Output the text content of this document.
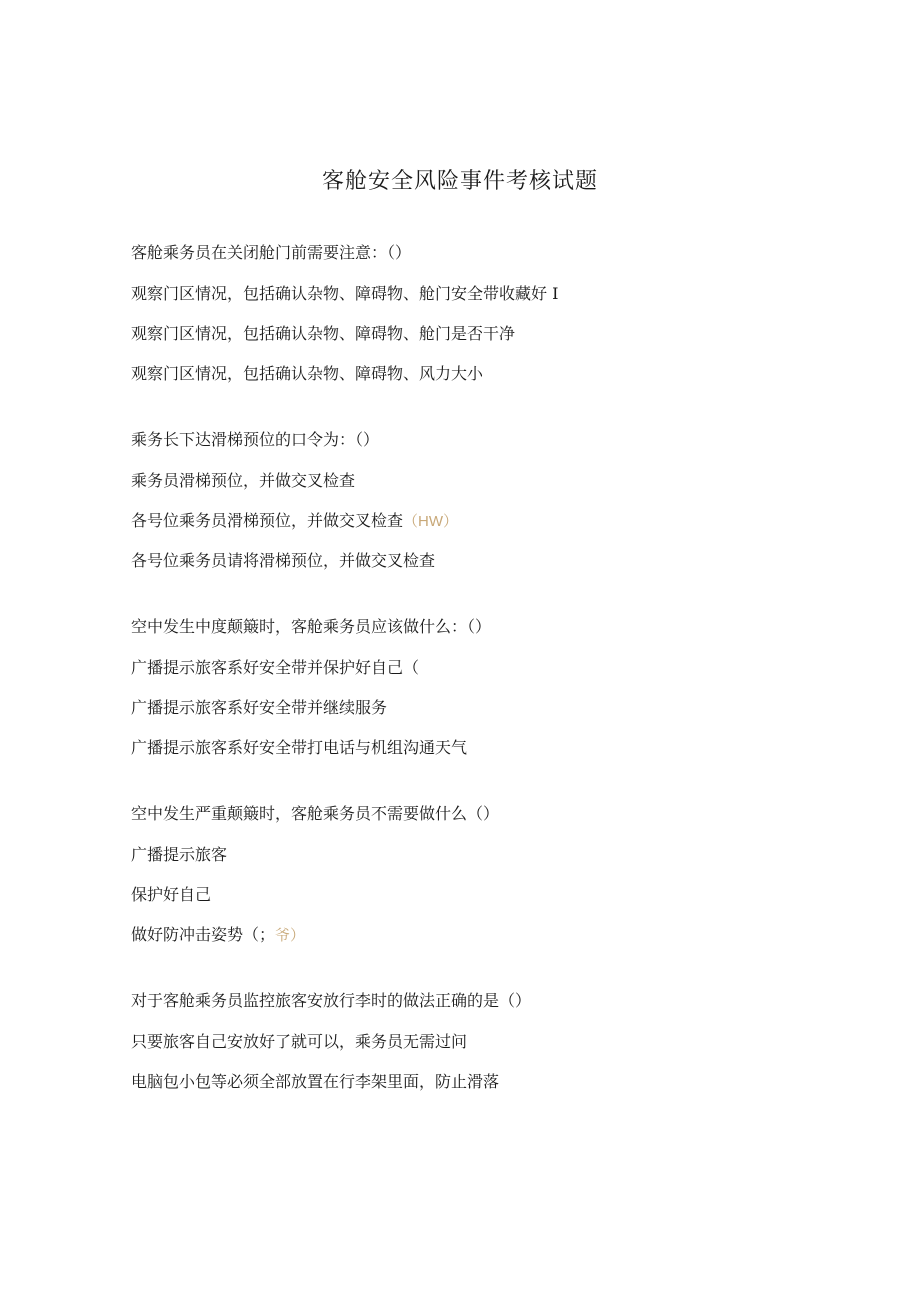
客舱安全风险事件考核试题
客舱乘务员在关闭舱门前需要注意：（）
观察门区情况，包括确认杂物、障碍物、舱门安全带收藏好 I
观察门区情况，包括确认杂物、障碍物、舱门是否干净
观察门区情况，包括确认杂物、障碍物、风力大小
乘务长下达滑梯预位的口令为：（）
乘务员滑梯预位，并做交叉检查
各号位乘务员滑梯预位，并做交叉检查（HW）
各号位乘务员请将滑梯预位，并做交叉检查
空中发生中度颠簸时，客舱乘务员应该做什么：（）
广播提示旅客系好安全带并保护好自己（
广播提示旅客系好安全带并继续服务
广播提示旅客系好安全带打电话与机组沟通天气
空中发生严重颠簸时，客舱乘务员不需要做什么（）
广播提示旅客
保护好自己
做好防冲击姿势（；爷）
对于客舱乘务员监控旅客安放行李时的做法正确的是（）
只要旅客自己安放好了就可以，乘务员无需过问
电脑包小包等必须全部放置在行李架里面，防止滑落
